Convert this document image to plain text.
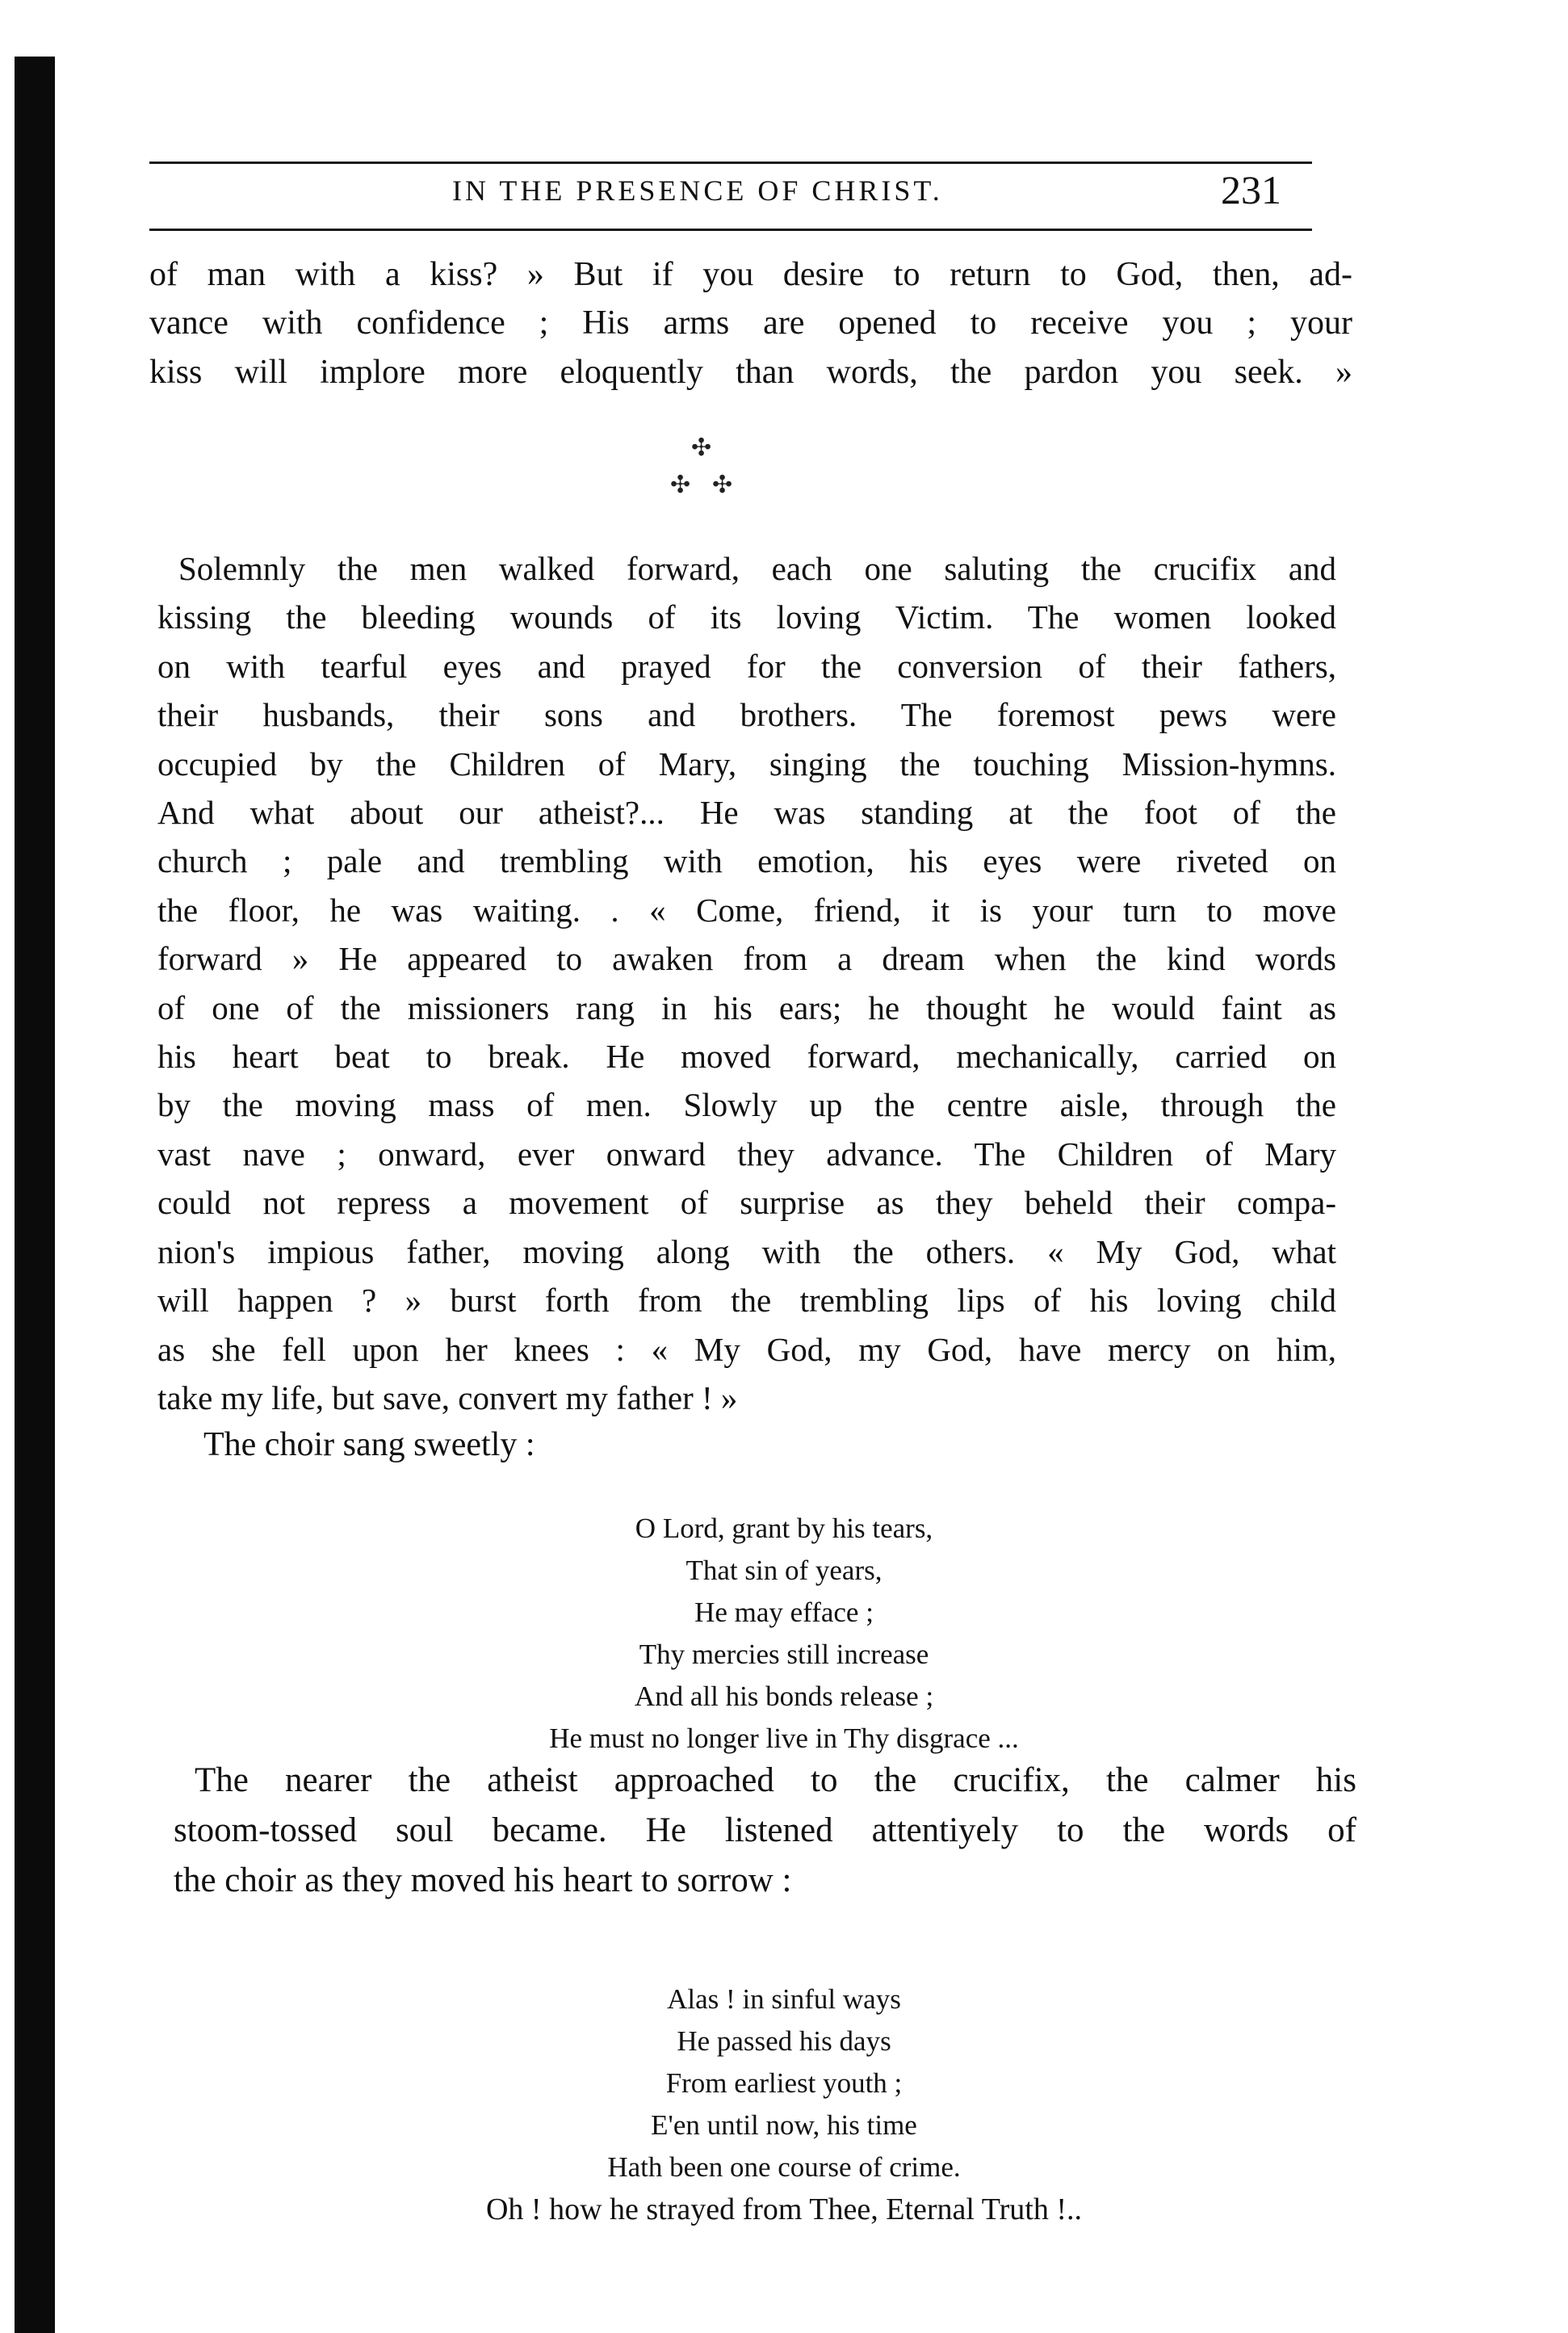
IN THE PRESENCE OF CHRIST.	231
of man with a kiss? » But if you desire to return to God, then, ad-
vance with confidence ; His arms are opened to receive you ; your
kiss will implore more eloquently than words, the pardon you seek. »
✣
✣ ✣
Solemnly the men walked forward, each one saluting the crucifix and
kissing the bleeding wounds of its loving Victim. The women looked
on with tearful eyes and prayed for the conversion of their fathers,
their husbands, their sons and brothers. The foremost pews were
occupied by the Children of Mary, singing the touching Mission-hymns.
And what about our atheist?... He was standing at the foot of the
church ; pale and trembling with emotion, his eyes were riveted on
the floor, he was waiting. . « Come, friend, it is your turn to move
forward » He appeared to awaken from a dream when the kind words
of one of the missioners rang in his ears; he thought he would faint as
his heart beat to break. He moved forward, mechanically, carried on
by the moving mass of men. Slowly up the centre aisle, through the
vast nave ; onward, ever onward they advance. The Children of Mary
could not repress a movement of surprise as they beheld their compa-
nion's impious father, moving along with the others. « My God, what
will happen ? » burst forth from the trembling lips of his loving child
as she fell upon her knees : « My God, my God, have mercy on him,
take my life, but save, convert my father ! »
The choir sang sweetly :
O Lord, grant by his tears,
That sin of years,
He may efface ;
Thy mercies still increase
And all his bonds release ;
He must no longer live in Thy disgrace ...
The nearer the atheist approached to the crucifix, the calmer his
stoom-tossed soul became. He listened attentiyely to the words of
the choir as they moved his heart to sorrow :
Alas ! in sinful ways
He passed his days
From earliest youth ;
E'en until now, his time
Hath been one course of crime.
Oh ! how he strayed from Thee, Eternal Truth !..
